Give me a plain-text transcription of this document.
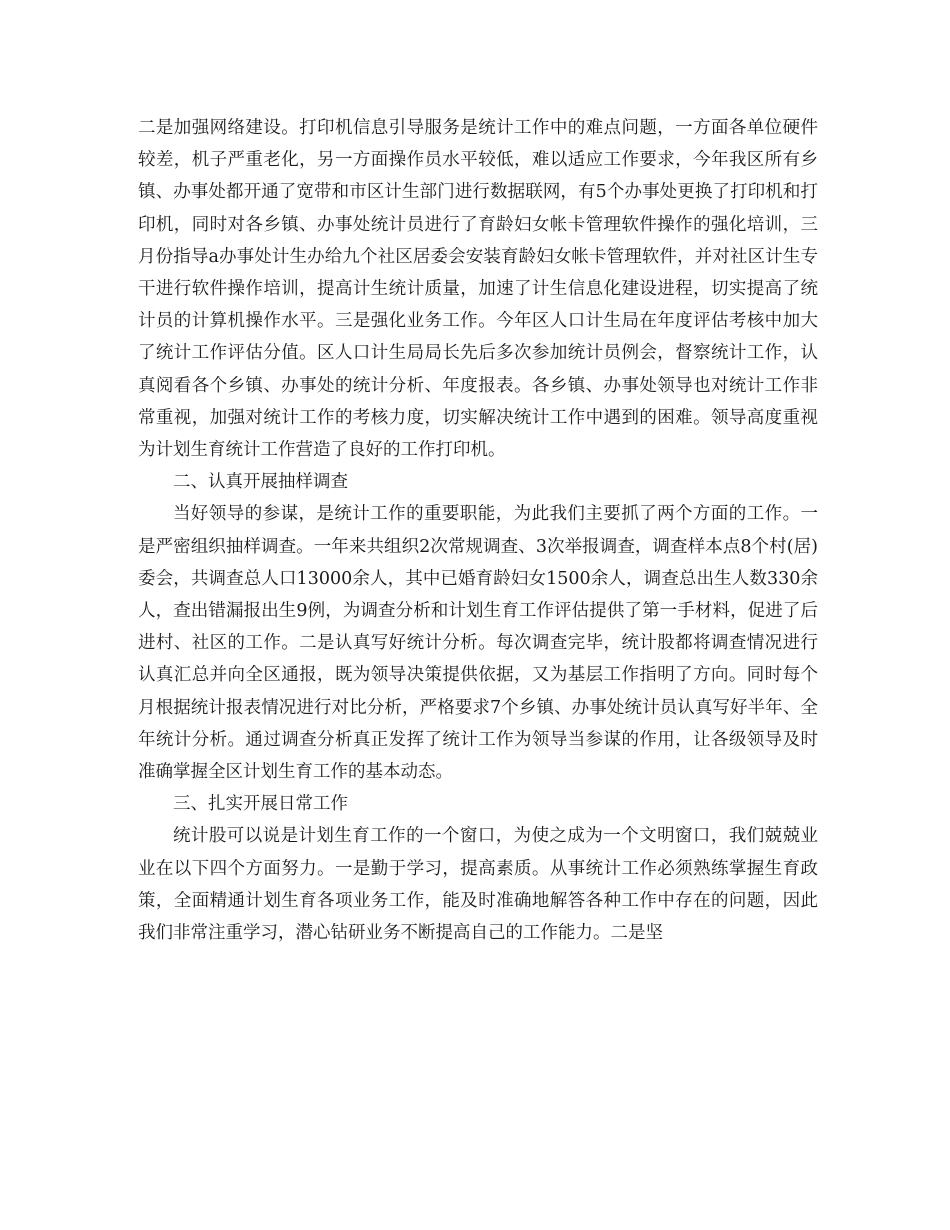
二是加强网络建设。打印机信息引导服务是统计工作中的难点问题，一方面各单位硬件较差，机子严重老化，另一方面操作员水平较低，难以适应工作要求，今年我区所有乡镇、办事处都开通了宽带和市区计生部门进行数据联网，有5个办事处更换了打印机和打印机，同时对各乡镇、办事处统计员进行了育龄妇女帐卡管理软件操作的强化培训，三月份指导a办事处计生办给九个社区居委会安装育龄妇女帐卡管理软件，并对社区计生专干进行软件操作培训，提高计生统计质量，加速了计生信息化建设进程，切实提高了统计员的计算机操作水平。三是强化业务工作。今年区人口计生局在年度评估考核中加大了统计工作评估分值。区人口计生局局长先后多次参加统计员例会，督察统计工作，认真阅看各个乡镇、办事处的统计分析、年度报表。各乡镇、办事处领导也对统计工作非常重视，加强对统计工作的考核力度，切实解决统计工作中遇到的困难。领导高度重视为计划生育统计工作营造了良好的工作打印机。

二、认真开展抽样调查

当好领导的参谋，是统计工作的重要职能，为此我们主要抓了两个方面的工作。一是严密组织抽样调查。一年来共组织2次常规调查、3次举报调查，调查样本点8个村(居)委会，共调查总人口13000余人，其中已婚育龄妇女1500余人，调查总出生人数330余人，查出错漏报出生9例，为调查分析和计划生育工作评估提供了第一手材料，促进了后进村、社区的工作。二是认真写好统计分析。每次调查完毕，统计股都将调查情况进行认真汇总并向全区通报，既为领导决策提供依据，又为基层工作指明了方向。同时每个月根据统计报表情况进行对比分析，严格要求7个乡镇、办事处统计员认真写好半年、全年统计分析。通过调查分析真正发挥了统计工作为领导当参谋的作用，让各级领导及时准确掌握全区计划生育工作的基本动态。

三、扎实开展日常工作

统计股可以说是计划生育工作的一个窗口，为使之成为一个文明窗口，我们兢兢业业在以下四个方面努力。一是勤于学习，提高素质。从事统计工作必须熟练掌握生育政策，全面精通计划生育各项业务工作，能及时准确地解答各种工作中存在的问题，因此我们非常注重学习，潜心钻研业务不断提高自己的工作能力。二是坚
